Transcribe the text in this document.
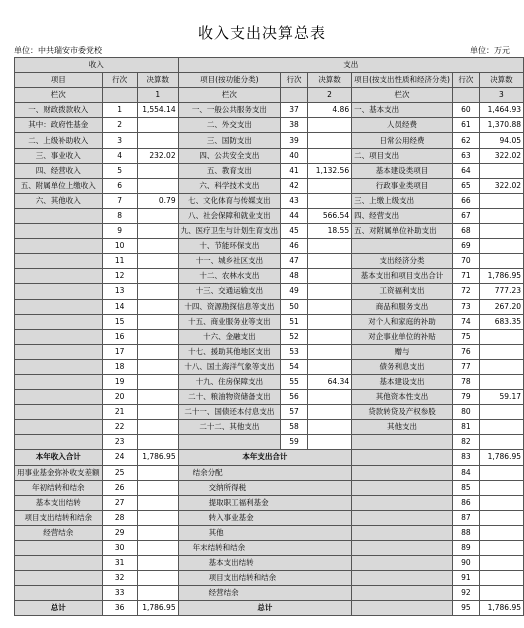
收入支出决算总表
单位：中共瑞安市委党校	单位：万元
收入			支出					
项目	行次	决算数	项目(按功能分类)	行次	决算数	项目(按支出性质和经济分类)	行次	决算数
栏次		1	栏次		2	栏次		3
一、财政拨款收入	1	1,554.14	一、一般公共服务支出	37	4.86	一、基本支出	60	1,464.93
其中：政府性基金	2		二、外交支出	38		人员经费	61	1,370.88
二、上级补助收入	3		三、国防支出	39		日常公用经费	62	94.05
三、事业收入	4	232.02	四、公共安全支出	40		二、项目支出	63	322.02
四、经营收入	5		五、教育支出	41	1,132.56	基本建设类项目	64	
五、附属单位上缴收入	6		六、科学技术支出	42		行政事业类项目	65	322.02
六、其他收入	7	0.79	七、文化体育与传媒支出	43		三、上缴上级支出	66	
	8		八、社会保障和就业支出	44	566.54	四、经营支出	67	
	9		九、医疗卫生与计划生育支出	45	18.55	五、对附属单位补助支出	68	
	10		十、节能环保支出	46			69	
	11		十一、城乡社区支出	47		支出经济分类	70	
	12		十二、农林水支出	48		基本支出和项目支出合计	71	1,786.95
	13		十三、交通运输支出	49		工资福利支出	72	777.23
	14		十四、资源勘探信息等支出	50		商品和服务支出	73	267.20
	15		十五、商业服务业等支出	51		对个人和家庭的补助	74	683.35
	16		十六、金融支出	52		对企事业单位的补贴	75	
	17		十七、援助其他地区支出	53		赠与	76	
	18		十八、国土海洋气象等支出	54		债务利息支出	77	
	19		十九、住房保障支出	55	64.34	基本建设支出	78	
	20		二十、粮油物资储备支出	56		其他资本性支出	79	59.17
	21		二十一、国债还本付息支出	57		贷款转贷及产权参股	80	
	22		二十二、其他支出	58		其他支出	81	
	23			59			82	
本年收入合计	24	1,786.95	本年支出合计				83	1,786.95
用事业基金弥补收支差额	25		结余分配				84	
年初结转和结余	26		交纳所得税				85	
基本支出结转	27		提取职工福利基金				86	
项目支出结转和结余	28		转入事业基金				87	
经营结余	29		其他				88	
	30		年末结转和结余				89	
	31		基本支出结转				90	
	32		项目支出结转和结余				91	
	33		经营结余				92	
总计	36	1,786.95	总计				95	1,786.95
